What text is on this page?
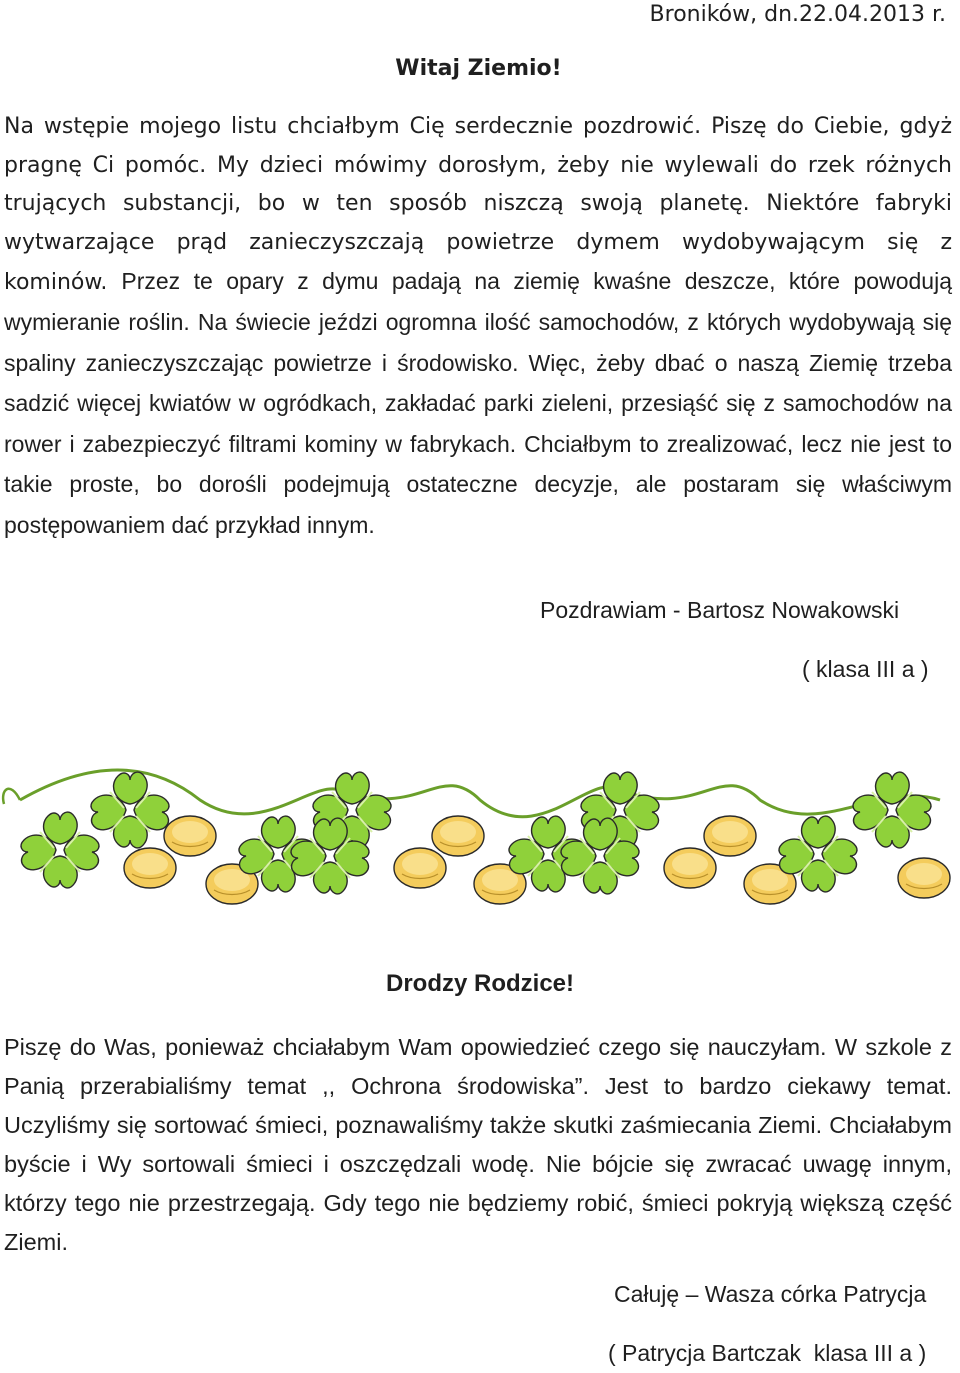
Broników, dn.22.04.2013 r.
Witaj Ziemio!

Na wstępie mojego listu chciałbym Cię serdecznie pozdrowić. Piszę do Ciebie, gdyż pragnę Ci pomóc. My dzieci mówimy dorosłym, żeby nie wylewali do rzek różnych trujących substancji, bo w ten sposób niszczą swoją planetę. Niektóre fabryki wytwarzające prąd zanieczyszczają powietrze dymem wydobywającym się z kominów. Przez te opary z dymu padają na ziemię kwaśne deszcze, które powodują wymieranie roślin. Na świecie jeździ ogromna ilość samochodów, z których wydobywają się spaliny zanieczyszczając powietrze i środowisko. Więc, żeby dbać o naszą Ziemię trzeba sadzić więcej kwiatów w ogródkach, zakładać parki zieleni, przesiąść się z samochodów na rower i zabezpieczyć filtrami kominy w fabrykach. Chciałbym to zrealizować, lecz nie jest to takie proste, bo dorośli podejmują ostateczne decyzje, ale postaram się właściwym postępowaniem dać przykład innym.

Pozdrawiam - Bartosz Nowakowski
( klasa III a )
Drodzy Rodzice!

Piszę do Was, ponieważ chciałabym Wam opowiedzieć czego się nauczyłam. W szkole z Panią przerabialiśmy temat ,, Ochrona środowiska”. Jest to bardzo ciekawy temat. Uczyliśmy się sortować śmieci, poznawaliśmy także skutki zaśmiecania Ziemi. Chciałabym byście i Wy sortowali śmieci i oszczędzali wodę. Nie bójcie się zwracać uwagę innym, którzy tego nie przestrzegają. Gdy tego nie będziemy robić, śmieci pokryją większą część Ziemi.

Całuję – Wasza córka Patrycja
( Patrycja Bartczak  klasa III a )
